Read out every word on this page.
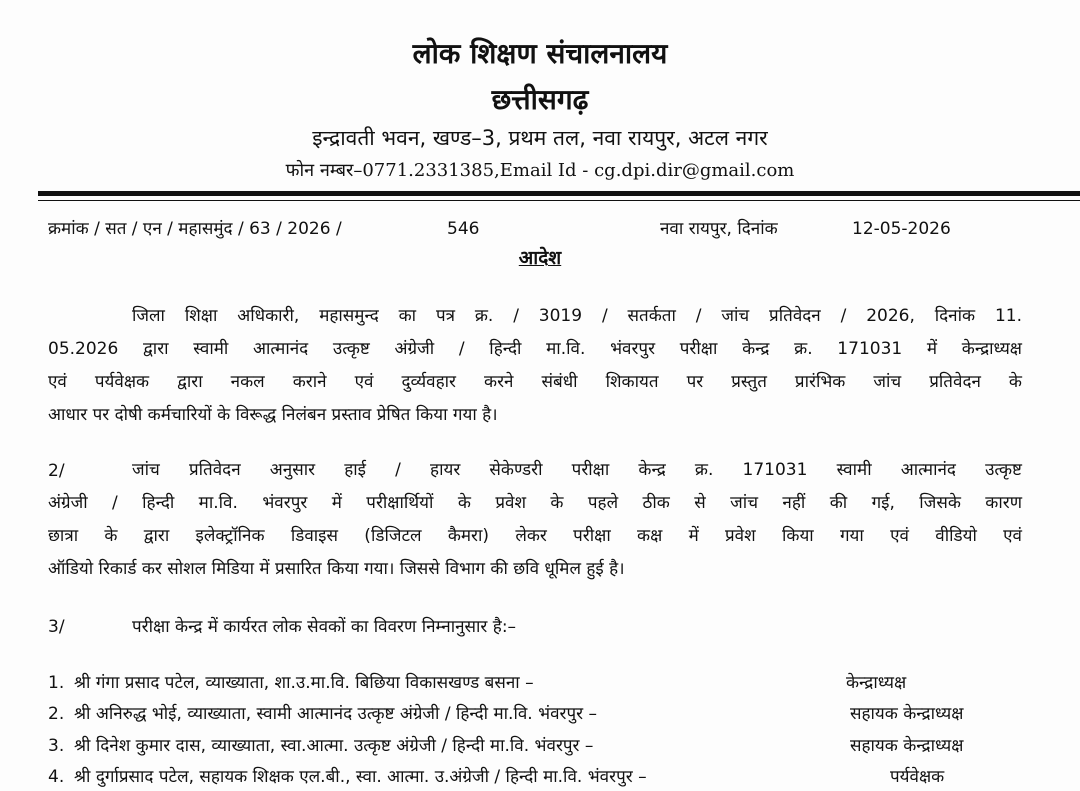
लोक शिक्षण संचालनालय
छत्तीसगढ़
इन्द्रावती भवन, खण्ड–3, प्रथम तल, नवा रायपुर, अटल नगर
फोन नम्बर–0771.2331385,Email Id - cg.dpi.dir@gmail.com
क्रमांक / सत / एन / महासमुंद / 63 / 2026 /	546	नवा रायपुर, दिनांक	12-05-2026
आदेश
जिला शिक्षा अधिकारी, महासमुन्द का पत्र क्र. / 3019 / सतर्कता / जांच प्रतिवेदन / 2026, दिनांक 11.
05.2026 द्वारा स्वामी आत्मानंद उत्कृष्ट अंग्रेजी / हिन्दी मा.वि. भंवरपुर परीक्षा केन्द्र क्र. 171031 में केन्द्राध्यक्ष
एवं पर्यवेक्षक द्वारा नकल कराने एवं दुर्व्यवहार करने संबंधी शिकायत पर प्रस्तुत प्रारंभिक जांच प्रतिवेदन के
आधार पर दोषी कर्मचारियों के विरूद्ध निलंबन प्रस्ताव प्रेषित किया गया है।
2/	जांच प्रतिवेदन अनुसार हाई / हायर सेकेण्डरी परीक्षा केन्द्र क्र. 171031 स्वामी आत्मानंद उत्कृष्ट
अंग्रेजी / हिन्दी मा.वि. भंवरपुर में परीक्षार्थियों के प्रवेश के पहले ठीक से जांच नहीं की गई, जिसके कारण
छात्रा के द्वारा इलेक्ट्रॉनिक डिवाइस (डिजिटल कैमरा) लेकर परीक्षा कक्ष में प्रवेश किया गया एवं वीडियो एवं
ऑडियो रिकार्ड कर सोशल मिडिया में प्रसारित किया गया। जिससे विभाग की छवि धूमिल हुई है।
3/	परीक्षा केन्द्र में कार्यरत लोक सेवकों का विवरण निम्नानुसार है:–
1. श्री गंगा प्रसाद पटेल, व्याख्याता, शा.उ.मा.वि. बिछिया विकासखण्ड बसना –	केन्द्राध्यक्ष
2. श्री अनिरुद्ध भोई, व्याख्याता, स्वामी आत्मानंद उत्कृष्ट अंग्रेजी / हिन्दी मा.वि. भंवरपुर –	सहायक केन्द्राध्यक्ष
3. श्री दिनेश कुमार दास, व्याख्याता, स्वा.आत्मा. उत्कृष्ट अंग्रेजी / हिन्दी मा.वि. भंवरपुर –	सहायक केन्द्राध्यक्ष
4. श्री दुर्गाप्रसाद पटेल, सहायक शिक्षक एल.बी., स्वा. आत्मा. उ.अंग्रेजी / हिन्दी मा.वि. भंवरपुर –	पर्यवेक्षक
